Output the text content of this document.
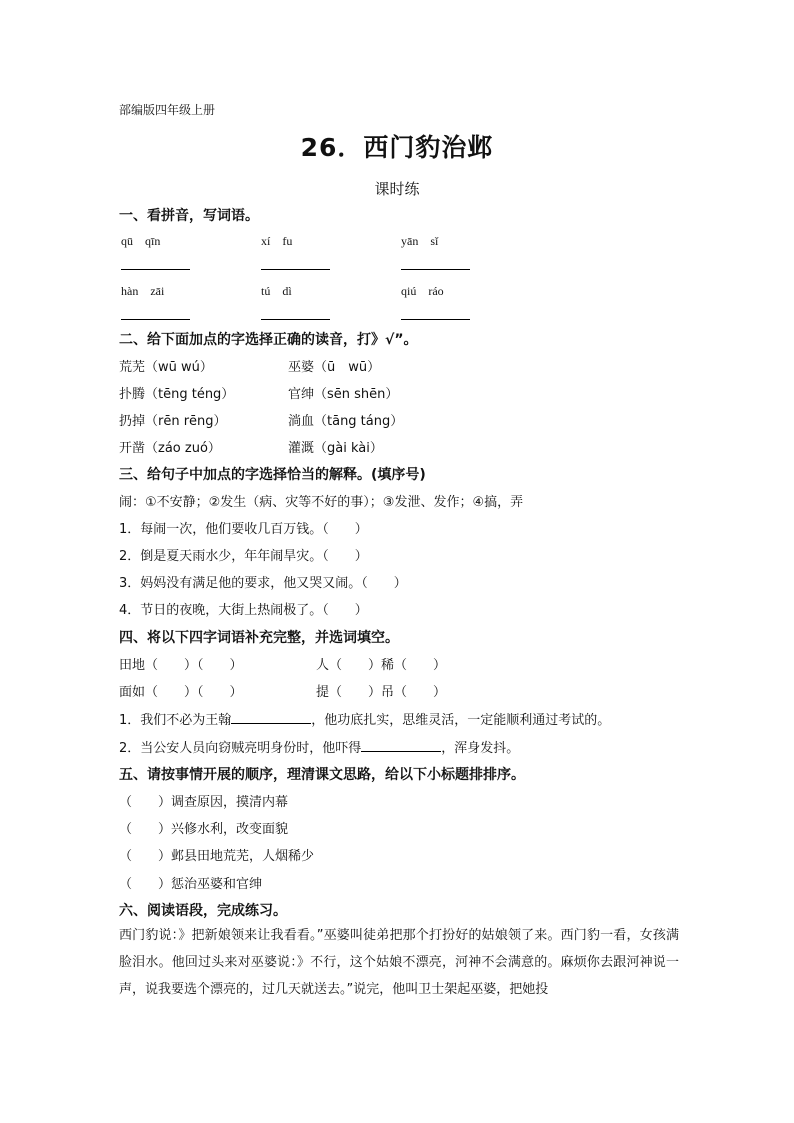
部编版四年级上册
26．西门豹治邺
课时练
一、看拼音，写词语。
qū　qīn	xí　fu	yān　sǐ
hàn　zāi	tú　dì	qiú　ráo
二、给下面加点的字选择正确的读音，打》√”。
荒芜（wū wú）	巫婆（ū　wū）
扑腾（tēng téng）	官绅（sēn shēn）
扔掉（rēn rēng）	淌血（tāng táng）
开凿（záo zuó）	灌溉（gài kài）
三、给句子中加点的字选择恰当的解释。(填序号)
闹：①不安静；②发生（病、灾等不好的事）；③发泄、发作；④搞，弄
1．每闹一次，他们要收几百万钱。（　　）
2．倒是夏天雨水少，年年闹旱灾。（　　）
3．妈妈没有满足他的要求，他又哭又闹。（　　）
4．节日的夜晚，大街上热闹极了。（　　）
四、将以下四字词语补充完整，并选词填空。
田地（　　）（　　）	人（　　）稀（　　）
面如（　　）（　　）	提（　　）吊（　　）
1．我们不必为王翰	，他功底扎实，思维灵活，一定能顺利通过考试的。
2．当公安人员向窃贼亮明身份时，他吓得	，浑身发抖。
五、请按事情开展的顺序，理清课文思路，给以下小标题排排序。
（　　）调查原因，摸清内幕
（　　）兴修水利，改变面貌
（　　）邺县田地荒芜，人烟稀少
（　　）惩治巫婆和官绅
六、阅读语段，完成练习。
西门豹说：》把新娘领来让我看看。”巫婆叫徒弟把那个打扮好的姑娘领了来。西门豹一看，女孩满脸泪水。他回过头来对巫婆说：》不行，这个姑娘不漂亮，河神不会满意的。麻烦你去跟河神说一声，说我要选个漂亮的，过几天就送去。”说完，他叫卫士架起巫婆，把她投
